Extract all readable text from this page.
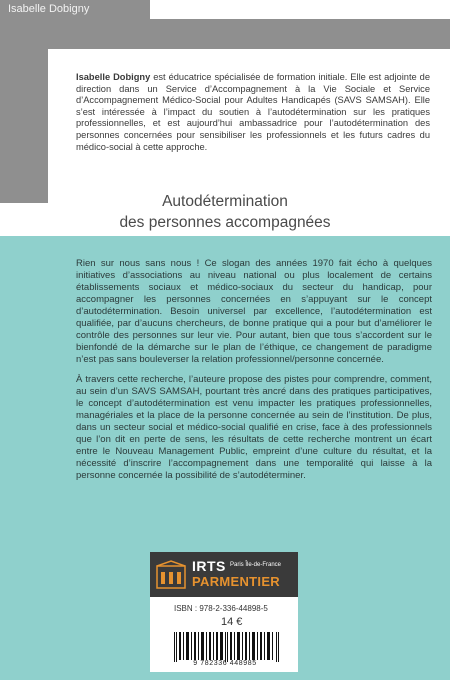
Isabelle Dobigny

Isabelle Dobigny est éducatrice spécialisée de formation initiale. Elle est adjointe de direction dans un Service d’Accompagnement à la Vie Sociale et Service d’Accompagnement Médico-Social pour Adultes Handicapés (SAVS SAMSAH). Elle s’est intéressée à l’impact du soutien à l’autodétermination sur les pratiques professionnelles, et est aujourd’hui ambassadrice pour l’autodétermination des personnes concernées pour sensibiliser les professionnels et les futurs cadres du médico-social à cette approche.

Autodétermination
des personnes accompagnées

Rien sur nous sans nous ! Ce slogan des années 1970 fait écho à quelques initiatives d’associations au niveau national ou plus localement de certains établissements sociaux et médico-sociaux du secteur du handicap, pour accompagner les personnes concernées en s’appuyant sur le concept d’autodétermination. Besoin universel par excellence, l’autodétermination est qualifiée, par d’aucuns chercheurs, de bonne pratique qui a pour but d’améliorer le contrôle des personnes sur leur vie. Pour autant, bien que tous s’accordent sur le bienfondé de la démarche sur le plan de l’éthique, ce changement de paradigme n’est pas sans bouleverser la relation professionnel/personne concernée.

À travers cette recherche, l’auteure propose des pistes pour comprendre, comment, au sein d’un SAVS SAMSAH, pourtant très ancré dans des pratiques participatives, le concept d’autodétermination est venu impacter les pratiques professionnelles, managériales et la place de la personne concernée au sein de l’institution. De plus, dans un secteur social et médico-social qualifié en crise, face à des professionnels que l’on dit en perte de sens, les résultats de cette recherche montrent un écart entre le Nouveau Management Public, empreint d’une culture du résultat, et la nécessité d’inscrire l’accompagnement dans une temporalité qui laisse à la personne concernée la possibilité de s’autodéterminer.

IRTS Paris Île-de-France
PARMENTIER
ISBN : 978-2-336-44898-5
14 €
9 782336 448985
